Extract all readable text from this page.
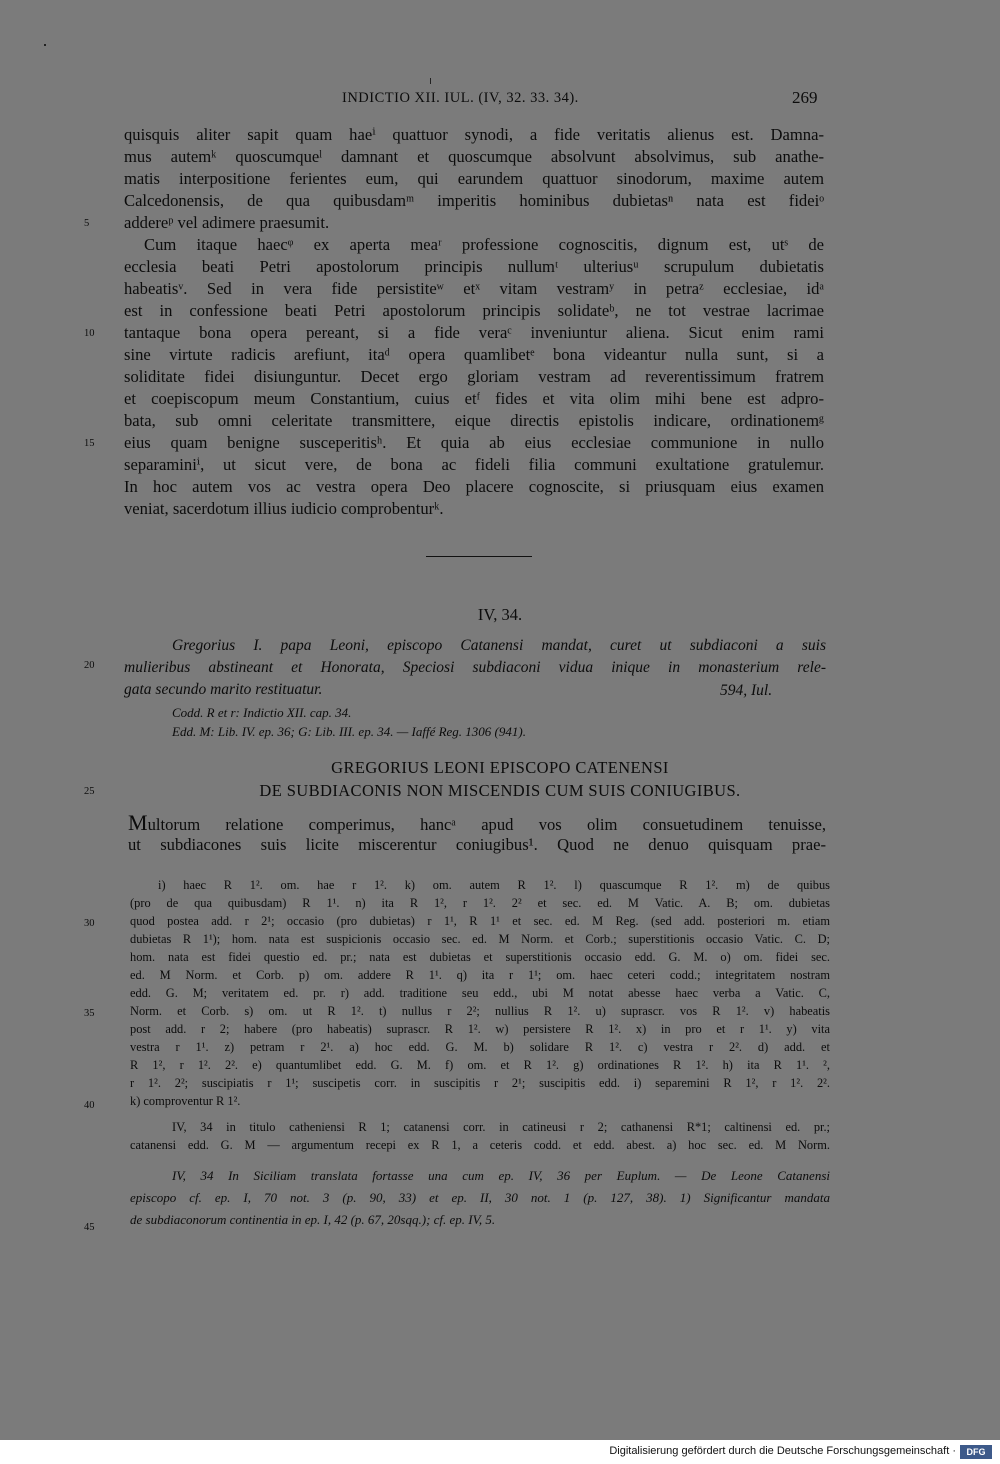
INDICTIO XII. IUL. (IV, 32. 33. 34).	269
quisquis aliter sapit quam haeⁱ quattuor synodi, a fide veritatis alienus est. Damna-
mus autemᵏ quoscumqueˡ damnant et quoscumque absolvunt absolvimus, sub anathe-
matis interpositione ferientes eum, qui earundem quattuor sinodorum, maxime autem
Calcedonensis, de qua quibusdamᵐ imperitis hominibus dubietasⁿ nata est fideiᵒ
addereᵖ vel adimere praesumit.
Cum itaque haecᵠ ex aperta meaʳ professione cognoscitis, dignum est, utˢ de
ecclesia beati Petri apostolorum principis nullumᵗ ulteriusᵘ scrupulum dubietatis
habeatisᵛ. Sed in vera fide persistiteʷ etˣ vitam vestramʸ in petraᶻ ecclesiae, idᵃ
est in confessione beati Petri apostolorum principis solidateᵇ, ne tot vestrae lacrimae
tantaque bona opera pereant, si a fide veraᶜ inveniuntur aliena. Sicut enim rami
sine virtute radicis arefiunt, itaᵈ opera quamlibetᵉ bona videantur nulla sunt, si a
soliditate fidei disiunguntur. Decet ergo gloriam vestram ad reverentissimum fratrem
et coepiscopum meum Constantium, cuius etᶠ fides et vita olim mihi bene est adpro-
bata, sub omni celeritate transmittere, eique directis epistolis indicare, ordinationemᵍ
eius quam benigne susceperitisʰ. Et quia ab eius ecclesiae communione in nullo
separaminiⁱ, ut sicut vere, de bona ac fideli filia communi exultatione gratulemur.
In hoc autem vos ac vestra opera Deo placere cognoscite, si priusquam eius examen
veniat, sacerdotum illius iudicio comprobenturᵏ.
5
10
15
20
25
30
35
40
45
IV, 34.
Gregorius I. papa Leoni, episcopo Catanensi mandat, curet ut subdiaconi a suis
mulieribus abstineant et Honorata, Speciosi subdiaconi vidua inique in monasterium rele-
gata secundo marito restituatur.	594, Iul.
Codd. R et r: Indictio XII. cap. 34.
Edd. M: Lib. IV. ep. 36; G: Lib. III. ep. 34. — Iaffé Reg. 1306 (941).
GREGORIUS LEONI EPISCOPO CATENENSI
DE SUBDIACONIS NON MISCENDIS CUM SUIS CONIUGIBUS.
Multorum relatione comperimus, hancᵃ apud vos olim consuetudinem tenuisse,
ut subdiacones suis licite miscerentur coniugibus¹. Quod ne denuo quisquam prae-
i) haec R 1². om. hae r 1². k) om. autem R 1². l) quascumque R 1². m) de quibus
(pro de qua quibusdam) R 1¹. n) ita R 1², r 1². 2² et sec. ed. M Vatic. A. B; om. dubietas
quod postea add. r 2¹; occasio (pro dubietas) r 1¹, R 1¹ et sec. ed. M Reg. (sed add. posteriori m. etiam
dubietas R 1¹); hom. nata est suspicionis occasio sec. ed. M Norm. et Corb.; superstitionis occasio Vatic. C. D;
hom. nata est fidei questio ed. pr.; nata est dubietas et superstitionis occasio edd. G. M. o) om. fidei sec.
ed. M Norm. et Corb. p) om. addere R 1¹. q) ita r 1¹; om. haec ceteri codd.; integritatem nostram
edd. G. M; veritatem ed. pr. r) add. traditione seu edd., ubi M notat abesse haec verba a Vatic. C,
Norm. et Corb. s) om. ut R 1². t) nullus r 2²; nullius R 1². u) suprascr. vos R 1². v) habeatis
post add. r 2; habere (pro habeatis) suprascr. R 1². w) persistere R 1². x) in pro et r 1¹. y) vita
vestra r 1¹. z) petram r 2¹. a) hoc edd. G. M. b) solidare R 1². c) vestra r 2². d) add. et
R 1², r 1². 2². e) quantumlibet edd. G. M. f) om. et R 1². g) ordinationes R 1². h) ita R 1¹. ²,
r 1². 2²; suscipiatis r 1¹; suscipetis corr. in suscipitis r 2¹; suscipitis edd. i) separemini R 1², r 1². 2².
k) comproventur R 1².
IV, 34 in titulo catheniensi R 1; catanensi corr. in catineusi r 2; cathanensi R*1; caltinensi ed. pr.;
catanensi edd. G. M — argumentum recepi ex R 1, a ceteris codd. et edd. abest. a) hoc sec. ed. M Norm.
IV, 34 In Siciliam translata fortasse una cum ep. IV, 36 per Euplum. — De Leone Catanensi
episcopo cf. ep. I, 70 not. 3 (p. 90, 33) et ep. II, 30 not. 1 (p. 127, 38). 1) Significantur mandata
de subdiaconorum continentia in ep. I, 42 (p. 67, 20sqq.); cf. ep. IV, 5.
Digitalisierung gefördert durch die Deutsche Forschungsgemeinschaft ·	DFG
